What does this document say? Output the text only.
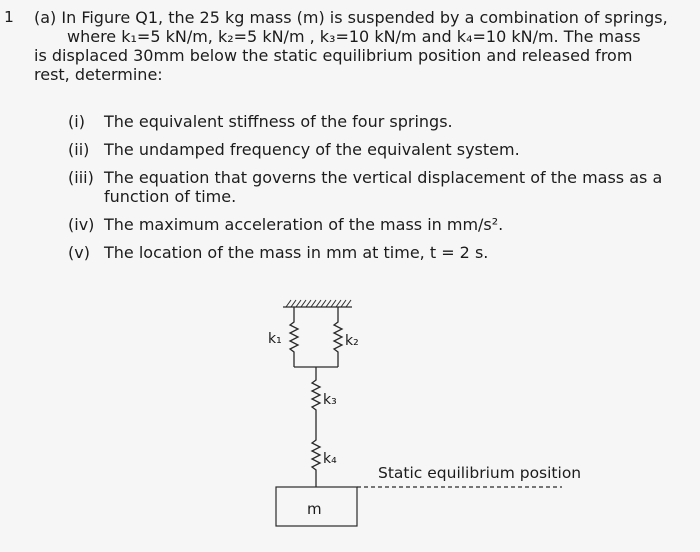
1 (a) In Figure Q1, the 25 kg mass (m) is suspended by a combination of springs,
where k₁=5 kN/m, k₂=5 kN/m , k₃=10 kN/m and k₄=10 kN/m. The mass
is displaced 30mm below the static equilibrium position and released from
rest, determine:
(i) The equivalent stiffness of the four springs.
(ii) The undamped frequency of the equivalent system.
(iii) The equation that governs the vertical displacement of the mass as a function of time.
(iv) The maximum acceleration of the mass in mm/s².
(v) The location of the mass in mm at time, t = 2 s.
k₁	k₂
k₃
k₄
m
Static equilibrium position
